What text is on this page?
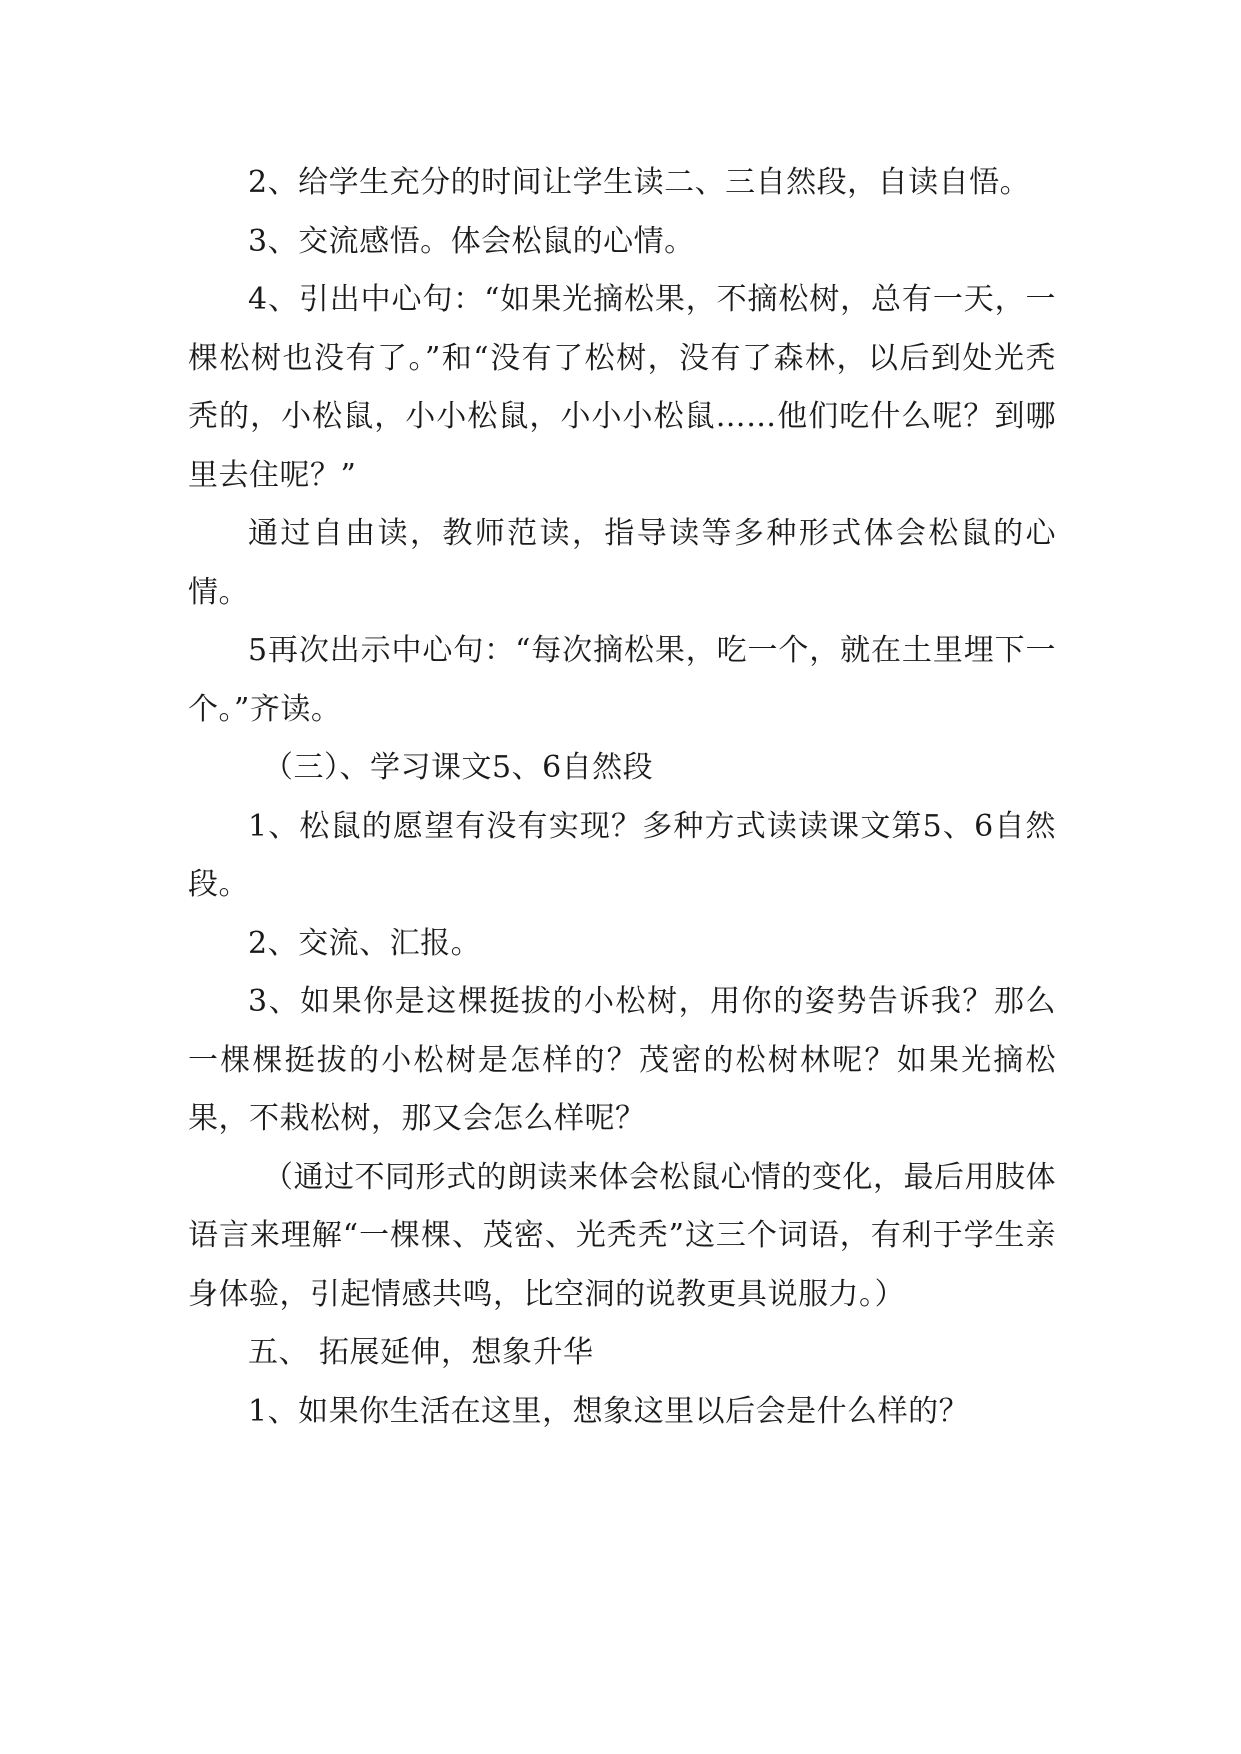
2、给学生充分的时间让学生读二、三自然段，自读自悟。

3、交流感悟。体会松鼠的心情。

4、引出中心句：“如果光摘松果，不摘松树，总有一天，一棵松树也没有了。”和“没有了松树，没有了森林，以后到处光秃秃的，小松鼠，小小松鼠，小小小松鼠……他们吃什么呢？到哪里去住呢？”

通过自由读，教师范读，指导读等多种形式体会松鼠的心情。

5再次出示中心句：“每次摘松果，吃一个，就在土里埋下一个。”齐读。

（三）、学习课文5、6自然段

1、松鼠的愿望有没有实现？多种方式读读课文第5、6自然段。

2、交流、汇报。

3、如果你是这棵挺拔的小松树，用你的姿势告诉我？那么一棵棵挺拔的小松树是怎样的？茂密的松树林呢？如果光摘松果，不栽松树，那又会怎么样呢？

（通过不同形式的朗读来体会松鼠心情的变化，最后用肢体语言来理解“一棵棵、茂密、光秃秃”这三个词语，有利于学生亲身体验，引起情感共鸣，比空洞的说教更具说服力。）

五、 拓展延伸，想象升华

1、如果你生活在这里，想象这里以后会是什么样的？
